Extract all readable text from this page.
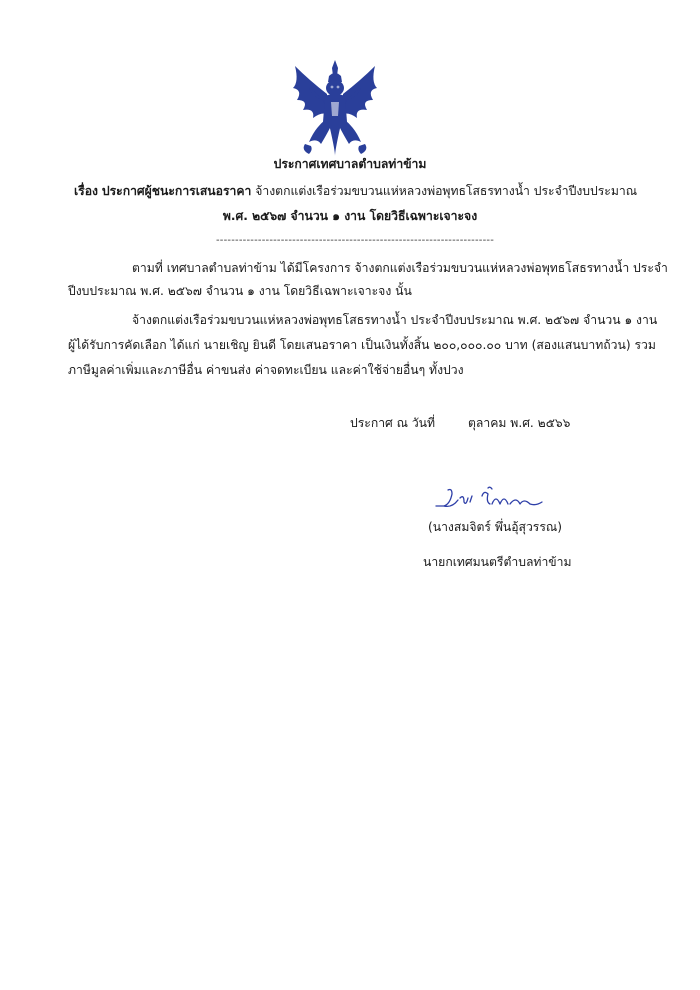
ประกาศเทศบาลตำบลท่าข้าม
เรื่อง ประกาศผู้ชนะการเสนอราคา จ้างตกแต่งเรือร่วมขบวนแห่หลวงพ่อพุทธโสธรทางน้ำ ประจำปีงบประมาณ
พ.ศ. ๒๕๖๗ จำนวน ๑ งาน โดยวิธีเฉพาะเจาะจง
-------------------------------------------------------------------------
ตามที่ เทศบาลตำบลท่าข้าม ได้มีโครงการ จ้างตกแต่งเรือร่วมขบวนแห่หลวงพ่อพุทธโสธรทางน้ำ ประจำ
ปีงบประมาณ พ.ศ. ๒๕๖๗ จำนวน ๑ งาน โดยวิธีเฉพาะเจาะจง นั้น
จ้างตกแต่งเรือร่วมขบวนแห่หลวงพ่อพุทธโสธรทางน้ำ ประจำปีงบประมาณ พ.ศ. ๒๕๖๗ จำนวน ๑ งาน
ผู้ได้รับการคัดเลือก ได้แก่ นายเชิญ ยินดี โดยเสนอราคา เป็นเงินทั้งสิ้น ๒๐๐,๐๐๐.๐๐ บาท (สองแสนบาทถ้วน) รวม
ภาษีมูลค่าเพิ่มและภาษีอื่น ค่าขนส่ง ค่าจดทะเบียน และค่าใช้จ่ายอื่นๆ ทั้งปวง
ประกาศ ณ วันที่	ตุลาคม พ.ศ. ๒๕๖๖
(นางสมจิตร์ พึ่นอุ้สุวรรณ)
นายกเทศมนตรีตำบลท่าข้าม
